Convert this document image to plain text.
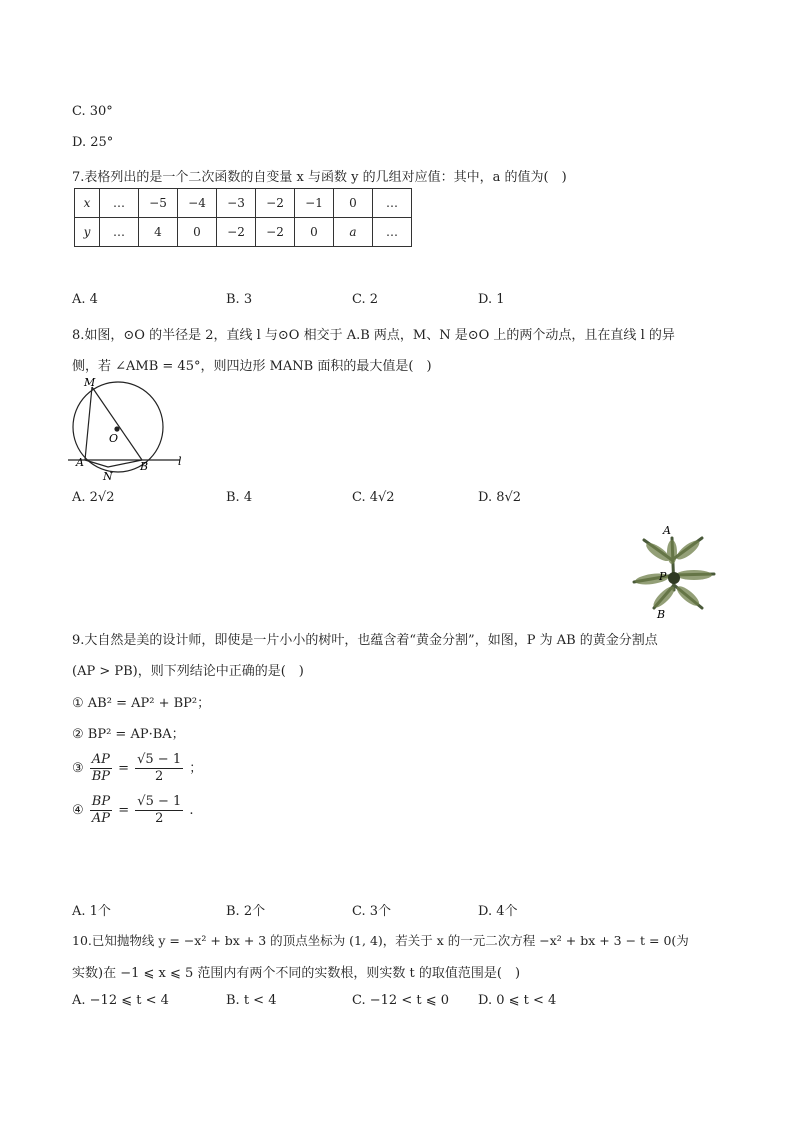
C. 30°
D. 25°
7.表格列出的是一个二次函数的自变量 x 与函数 y 的几组对应值：其中，a 的值为(　)
x	…	−5	−4	−3	−2	−1	0	…
y	…	4	0	−2	−2	0	a	…
A. 4	B. 3	C. 2	D. 1
8.如图，⊙O 的半径是 2，直线 l 与⊙O 相交于 A.B 两点，M、N 是⊙O 上的两个动点，且在直线 l 的异
侧，若 ∠AMB = 45°，则四边形 MANB 面积的最大值是(　)
M
O
A	B
N
l
A. 2√2	B. 4	C. 4√2	D. 8√2
A
P
B
9.大自然是美的设计师，即使是一片小小的树叶，也蕴含着“黄金分割”，如图，P 为 AB 的黄金分割点
(AP > PB)，则下列结论中正确的是(　)
① AB² = AP² + BP²；
② BP² = AP·BA；
③ $\frac{AP}{BP} = \frac{√5 - 1}{2}$ ；
④ $\frac{BP}{AP} = \frac{√5 - 1}{2}$ .
A. 1个	B. 2个	C. 3个	D. 4个
10.已知抛物线 y = −x² + bx + 3 的顶点坐标为 (1, 4)，若关于 x 的一元二次方程 −x² + bx + 3 − t = 0(为
实数)在 −1 ⩽ x ⩽ 5 范围内有两个不同的实数根，则实数 t 的取值范围是(　)
A. −12 ⩽ t < 4	B. t < 4	C. −12 < t ⩽ 0 D. 0 ⩽ t < 4
